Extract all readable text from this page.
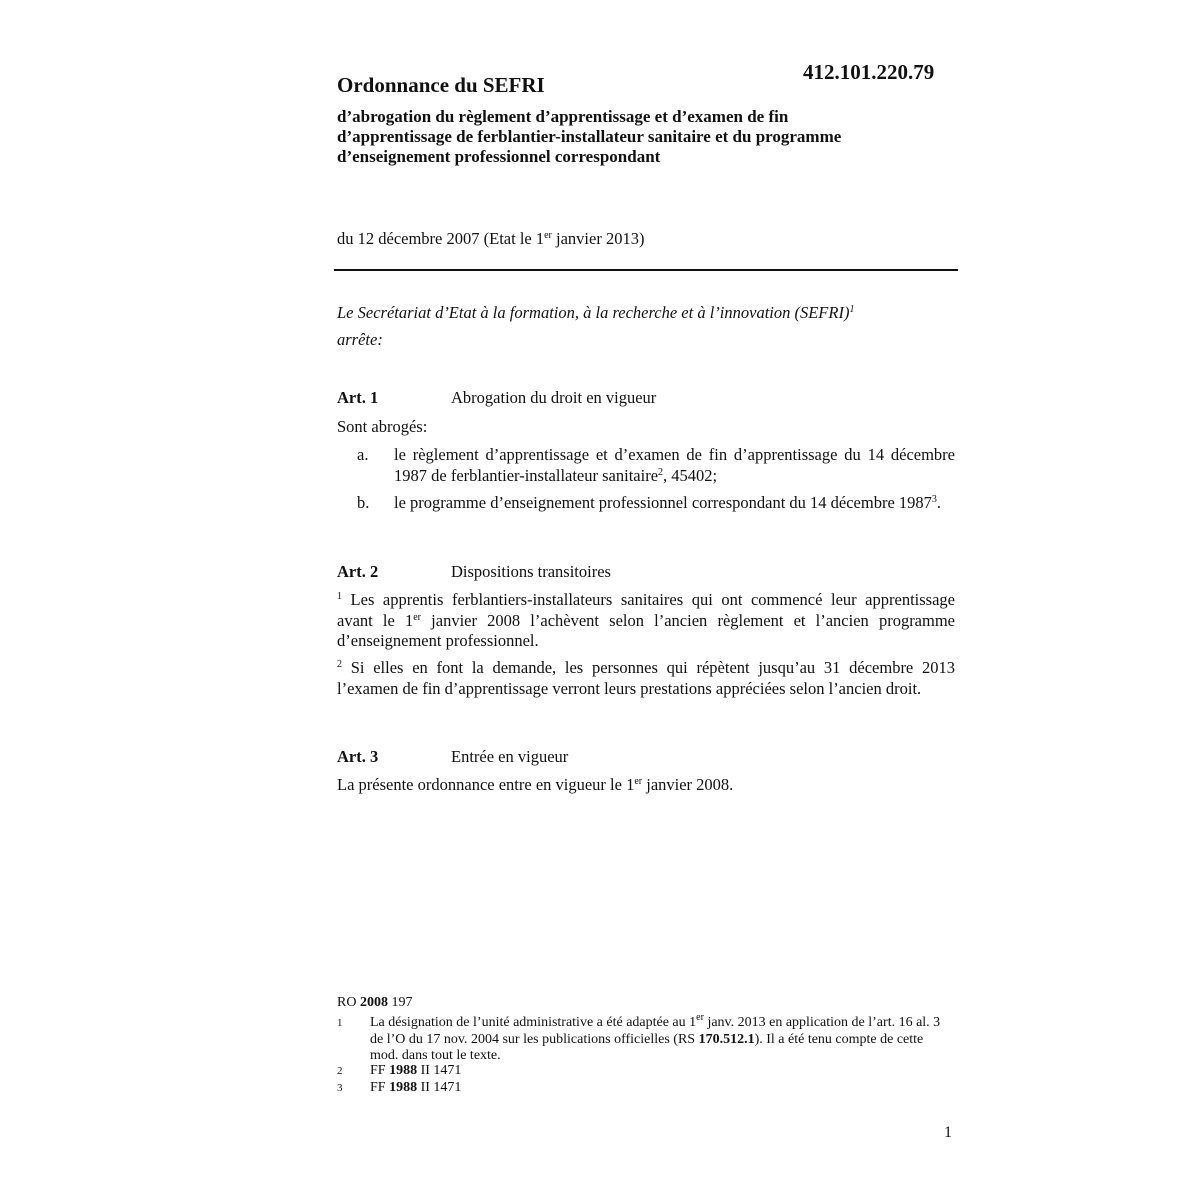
412.101.220.79
Ordonnance du SEFRI
d’abrogation du règlement d’apprentissage et d’examen de fin d’apprentissage de ferblantier-installateur sanitaire et du programme d’enseignement professionnel correspondant
du 12 décembre 2007 (Etat le 1er janvier 2013)
Le Secrétariat d’Etat à la formation, à la recherche et à l’innovation (SEFRI)$^1$
arrête:
Art. 1	Abrogation du droit en vigueur
Sont abrogés:
a. le règlement d’apprentissage et d’examen de fin d’apprentissage du 14 décembre 1987 de ferblantier-installateur sanitaire$^2$, 45402;
b. le programme d’enseignement professionnel correspondant du 14 décembre 1987$^3$.
Art. 2	Dispositions transitoires
$^1$ Les apprentis ferblantiers-installateurs sanitaires qui ont commencé leur apprentissage avant le 1er janvier 2008 l’achèvent selon l’ancien règlement et l’ancien programme d’enseignement professionnel.
$^2$ Si elles en font la demande, les personnes qui répètent jusqu’au 31 décembre 2013 l’examen de fin d’apprentissage verront leurs prestations appréciées selon l’ancien droit.
Art. 3	Entrée en vigueur
La présente ordonnance entre en vigueur le 1er janvier 2008.
RO 2008 197
1 La désignation de l’unité administrative a été adaptée au 1er janv. 2013 en application de l’art. 16 al. 3 de l’O du 17 nov. 2004 sur les publications officielles (RS 170.512.1). Il a été tenu compte de cette mod. dans tout le texte.
2 FF 1988 II 1471
3 FF 1988 II 1471
1
